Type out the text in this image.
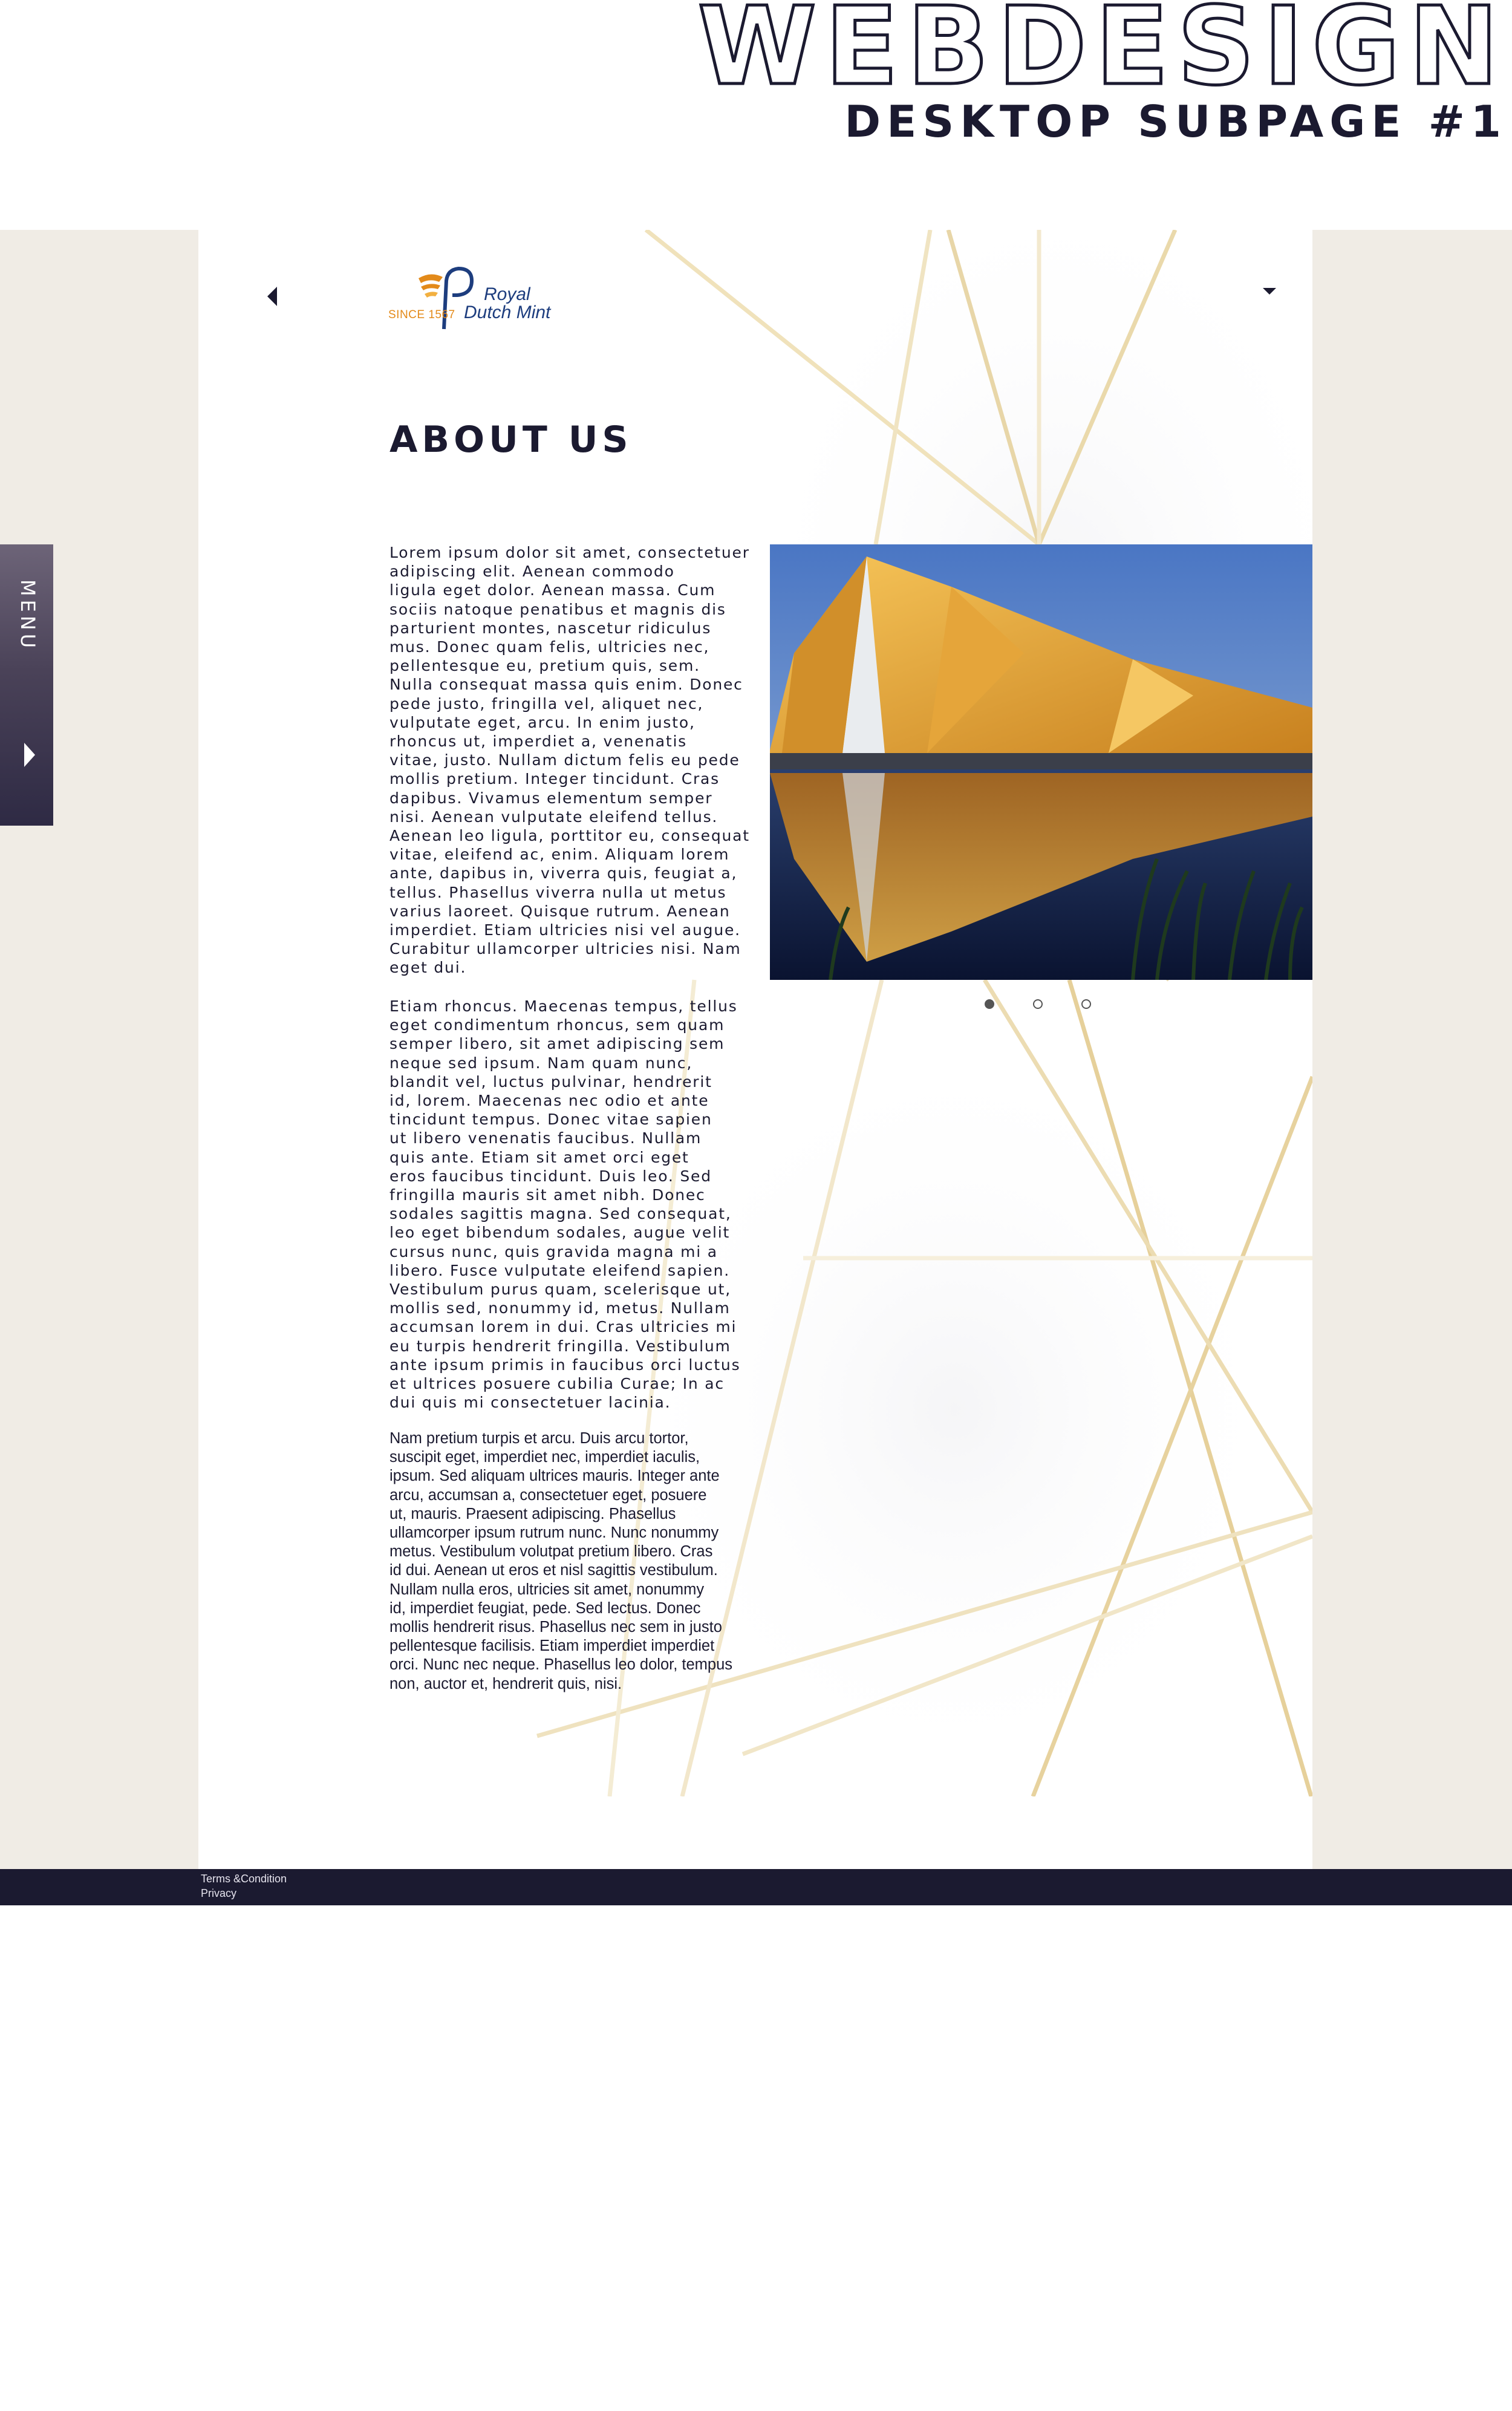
WEBDESIGN
DESKTOP SUBPAGE #1
MENU
SINCE 1567
Royal
Dutch Mint
ABOUT US

Lorem ipsum dolor sit amet, consectetuer
adipiscing elit. Aenean commodo
ligula eget dolor. Aenean massa. Cum
sociis natoque penatibus et magnis dis
parturient montes, nascetur ridiculus
mus. Donec quam felis, ultricies nec,
pellentesque eu, pretium quis, sem.
Nulla consequat massa quis enim. Donec
pede justo, fringilla vel, aliquet nec,
vulputate eget, arcu. In enim justo,
rhoncus ut, imperdiet a, venenatis
vitae, justo. Nullam dictum felis eu pede
mollis pretium. Integer tincidunt. Cras
dapibus. Vivamus elementum semper
nisi. Aenean vulputate eleifend tellus.
Aenean leo ligula, porttitor eu, consequat
vitae, eleifend ac, enim. Aliquam lorem
ante, dapibus in, viverra quis, feugiat a,
tellus. Phasellus viverra nulla ut metus
varius laoreet. Quisque rutrum. Aenean
imperdiet. Etiam ultricies nisi vel augue.
Curabitur ullamcorper ultricies nisi. Nam
eget dui.

Etiam rhoncus. Maecenas tempus, tellus
eget condimentum rhoncus, sem quam
semper libero, sit amet adipiscing sem
neque sed ipsum. Nam quam nunc,
blandit vel, luctus pulvinar, hendrerit
id, lorem. Maecenas nec odio et ante
tincidunt tempus. Donec vitae sapien
ut libero venenatis faucibus. Nullam
quis ante. Etiam sit amet orci eget
eros faucibus tincidunt. Duis leo. Sed
fringilla mauris sit amet nibh. Donec
sodales sagittis magna. Sed consequat,
leo eget bibendum sodales, augue velit
cursus nunc, quis gravida magna mi a
libero. Fusce vulputate eleifend sapien.
Vestibulum purus quam, scelerisque ut,
mollis sed, nonummy id, metus. Nullam
accumsan lorem in dui. Cras ultricies mi
eu turpis hendrerit fringilla. Vestibulum
ante ipsum primis in faucibus orci luctus
et ultrices posuere cubilia Curae; In ac
dui quis mi consectetuer lacinia.

Nam pretium turpis et arcu. Duis arcu tortor,
suscipit eget, imperdiet nec, imperdiet iaculis,
ipsum. Sed aliquam ultrices mauris. Integer ante
arcu, accumsan a, consectetuer eget, posuere
ut, mauris. Praesent adipiscing. Phasellus
ullamcorper ipsum rutrum nunc. Nunc nonummy
metus. Vestibulum volutpat pretium libero. Cras
id dui. Aenean ut eros et nisl sagittis vestibulum.
Nullam nulla eros, ultricies sit amet, nonummy
id, imperdiet feugiat, pede. Sed lectus. Donec
mollis hendrerit risus. Phasellus nec sem in justo
pellentesque facilisis. Etiam imperdiet imperdiet
orci. Nunc nec neque. Phasellus leo dolor, tempus
non, auctor et, hendrerit quis, nisi.

Terms &Condition
Privacy
